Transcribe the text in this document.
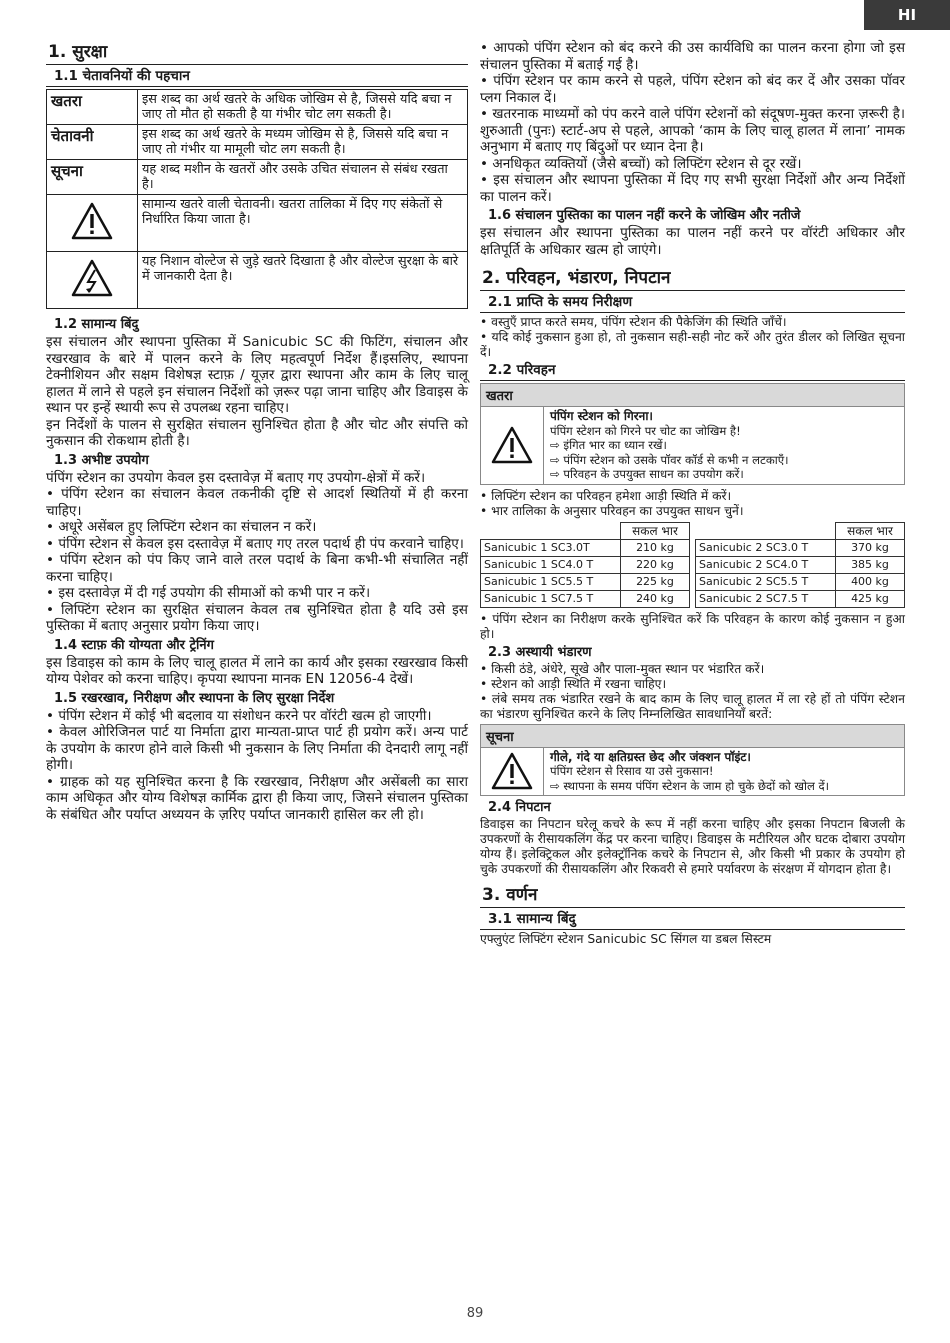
HI
1. सुरक्षा
1.1 चेतावनियों की पहचान
खतरा	इस शब्द का अर्थ खतरे के अधिक जोखिम से है, जिससे यदि बचा न जाए तो मौत हो सकती है या गंभीर चोट लग सकती है।
चेतावनी	इस शब्द का अर्थ खतरे के मध्यम जोखिम से है, जिससे यदि बचा न जाए तो गंभीर या मामूली चोट लग सकती है।
सूचना	यह शब्द मशीन के खतरों और उसके उचित संचालन से संबंध रखता है।
	सामान्य खतरे वाली चेतावनी। खतरा तालिका में दिए गए संकेतों से निर्धारित किया जाता है।
	यह निशान वोल्टेज से जुड़े खतरे दिखाता है और वोल्टेज सुरक्षा के बारे में जानकारी देता है।
1.2 सामान्य बिंदु

इस संचालन और स्थापना पुस्तिका में Sanicubic SC की फिटिंग, संचालन और रखरखाव के बारे में पालन करने के लिए महत्वपूर्ण निर्देश हैं।इसलिए, स्थापना टेक्नीशियन और सक्षम विशेषज्ञ स्टाफ़ / यूज़र द्वारा स्थापना और काम के लिए चालू हालत में लाने से पहले इन संचालन निर्देशों को ज़रूर पढ़ा जाना चाहिए और डिवाइस के स्थान पर इन्हें स्थायी रूप से उपलब्ध रहना चाहिए।

इन निर्देशों के पालन से सुरक्षित संचालन सुनिश्चित होता है और चोट और संपत्ति को नुकसान की रोकथाम होती है।

1.3 अभीष्ट उपयोग

पंपिंग स्टेशन का उपयोग केवल इस दस्तावेज़ में बताए गए उपयोग-क्षेत्रों में करें।

• पंपिंग स्टेशन का संचालन केवल तकनीकी दृष्टि से आदर्श स्थितियों में ही करना चाहिए।
• अधूरे असेंबल हुए लिफ्टिंग स्टेशन का संचालन न करें।
• पंपिंग स्टेशन से केवल इस दस्तावेज़ में बताए गए तरल पदार्थ ही पंप करवाने चाहिए।
• पंपिंग स्टेशन को पंप किए जाने वाले तरल पदार्थ के बिना कभी-भी संचालित नहीं करना चाहिए।
• इस दस्तावेज़ में दी गई उपयोग की सीमाओं को कभी पार न करें।
• लिफ्टिंग स्टेशन का सुरक्षित संचालन केवल तब सुनिश्चित होता है यदि उसे इस पुस्तिका में बताए अनुसार प्रयोग किया जाए।
1.4 स्टाफ़ की योग्यता और ट्रेनिंग

इस डिवाइस को काम के लिए चालू हालत में लाने का कार्य और इसका रखरखाव किसी योग्य पेशेवर को करना चाहिए। कृपया स्थापना मानक EN 12056-4 देखें।

1.5 रखरखाव, निरीक्षण और स्थापना के लिए सुरक्षा निर्देश
• पंपिंग स्टेशन में कोई भी बदलाव या संशोधन करने पर वॉरंटी खत्म हो जाएगी।
• केवल ओरिजिनल पार्ट या निर्माता द्वारा मान्यता-प्राप्त पार्ट ही प्रयोग करें। अन्य पार्ट के उपयोग के कारण होने वाले किसी भी नुकसान के लिए निर्माता की देनदारी लागू नहीं होगी।
• ग्राहक को यह सुनिश्चित करना है कि रखरखाव, निरीक्षण और असेंबली का सारा काम अधिकृत और योग्य विशेषज्ञ कार्मिक द्वारा ही किया जाए, जिसने संचालन पुस्तिका के संबंधित और पर्याप्त अध्ययन के ज़रिए पर्याप्त जानकारी हासिल कर ली हो।
• आपको पंपिंग स्टेशन को बंद करने की उस कार्यविधि का पालन करना होगा जो इस संचालन पुस्तिका में बताई गई है।
• पंपिंग स्टेशन पर काम करने से पहले, पंपिंग स्टेशन को बंद कर दें और उसका पॉवर प्लग निकाल दें।
• खतरनाक माध्यमों को पंप करने वाले पंपिंग स्टेशनों को संदूषण-मुक्त करना ज़रूरी है। शुरुआती (पुनः) स्टार्ट-अप से पहले, आपको ‘काम के लिए चालू हालत में लाना’ नामक अनुभाग में बताए गए बिंदुओं पर ध्यान देना है।
• अनधिकृत व्यक्तियों (जैसे बच्चों) को लिफ्टिंग स्टेशन से दूर रखें।
• इस संचालन और स्थापना पुस्तिका में दिए गए सभी सुरक्षा निर्देशों और अन्य निर्देशों का पालन करें।
1.6 संचालन पुस्तिका का पालन नहीं करने के जोखिम और नतीजे

इस संचालन और स्थापना पुस्तिका का पालन नहीं करने पर वॉरंटी अधिकार और क्षतिपूर्ति के अधिकार खत्म हो जाएंगे।

2. परिवहन, भंडारण, निपटान
2.1 प्राप्ति के समय निरीक्षण
• वस्तुएँ प्राप्त करते समय, पंपिंग स्टेशन की पैकेजिंग की स्थिति जाँचें।
• यदि कोई नुकसान हुआ हो, तो नुकसान सही-सही नोट करें और तुरंत डीलर को लिखित सूचना दें।
2.2 परिवहन
खतरा
पंपिंग स्टेशन को गिरना।
पंपिंग स्टेशन को गिरने पर चोट का जोखिम है!
⇨ इंगित भार का ध्यान रखें।
⇨ पंपिंग स्टेशन को उसके पॉवर कॉर्ड से कभी न लटकाएँ।
⇨ परिवहन के उपयुक्त साधन का उपयोग करें।
• लिफ्टिंग स्टेशन का परिवहन हमेशा आड़ी स्थिति में करें।
• भार तालिका के अनुसार परिवहन का उपयुक्त साधन चुनें।
	सकल भार
Sanicubic 1 SC3.0T	210 kg
Sanicubic 1 SC4.0 T	220 kg
Sanicubic 1 SC5.5 T	225 kg
Sanicubic 1 SC7.5 T	240 kg
	सकल भार
Sanicubic 2 SC3.0 T	370 kg
Sanicubic 2 SC4.0 T	385 kg
Sanicubic 2 SC5.5 T	400 kg
Sanicubic 2 SC7.5 T	425 kg
• पंपिंग स्टेशन का निरीक्षण करके सुनिश्चित करें कि परिवहन के कारण कोई नुकसान न हुआ हो।
2.3 अस्थायी भंडारण
• किसी ठंडे, अंधेरे, सूखे और पाला-मुक्त स्थान पर भंडारित करें।
• स्टेशन को आड़ी स्थिति में रखना चाहिए।
• लंबे समय तक भंडारित रखने के बाद काम के लिए चालू हालत में ला रहे हों तो पंपिंग स्टेशन का भंडारण सुनिश्चित करने के लिए निम्नलिखित सावधानियाँ बरतें:
सूचना
गीले, गंदे या क्षतिग्रस्त छेद और जंक्शन पॉइंट।
पंपिंग स्टेशन से रिसाव या उसे नुकसान!
⇨ स्थापना के समय पंपिंग स्टेशन के जाम हो चुके छेदों को खोल दें।
2.4 निपटान

डिवाइस का निपटान घरेलू कचरे के रूप में नहीं करना चाहिए और इसका निपटान बिजली के उपकरणों के रीसायकलिंग केंद्र पर करना चाहिए। डिवाइस के मटीरियल और घटक दोबारा उपयोग योग्य हैं। इलेक्ट्रिकल और इलेक्ट्रॉनिक कचरे के निपटान से, और किसी भी प्रकार के उपयोग हो चुके उपकरणों की रीसायकलिंग और रिकवरी से हमारे पर्यावरण के संरक्षण में योगदान होता है।

3. वर्णन
3.1 सामान्य बिंदु

एफ्लुएंट लिफ्टिंग स्टेशन Sanicubic SC सिंगल या डबल सिस्टम

89
